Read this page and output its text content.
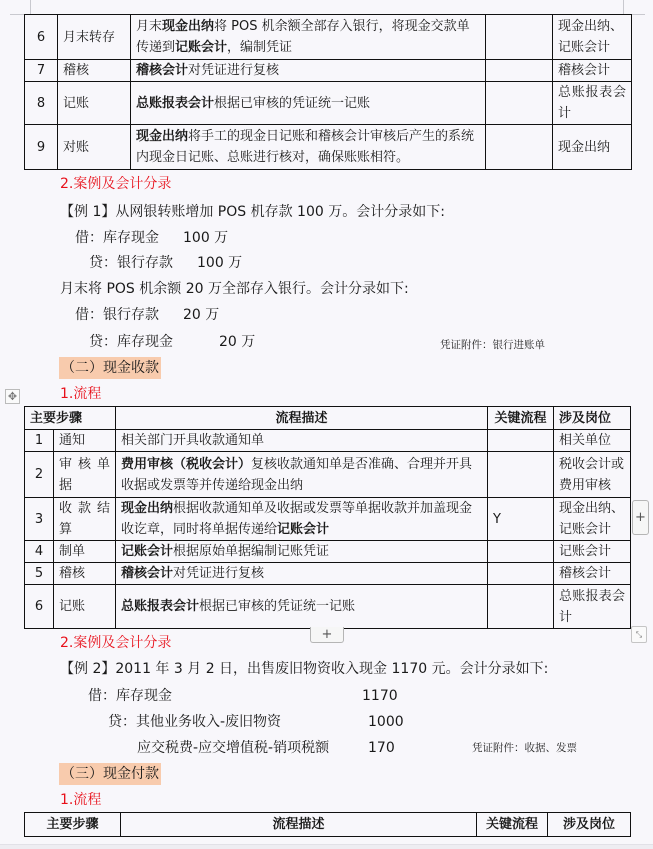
6	月末转存	月末现金出纳将 POS 机余额全部存入银行，将现金交款单传递到记账会计，编制凭证		现金出纳、记账会计
7	稽核	稽核会计对凭证进行复核		稽核会计
8	记账	总账报表会计根据已审核的凭证统一记账		总账报表会计
9	对账	现金出纳将手工的现金日记账和稽核会计审核后产生的系统内现金日记账、总账进行核对，确保账账相符。		现金出纳
2.案例及会计分录
【例 1】从网银转账增加 POS 机存款 100 万。会计分录如下:
借：库存现金 100 万
贷：银行存款 100 万
月末将 POS 机余额 20 万全部存入银行。会计分录如下:
借：银行存款 20 万
贷：库存现金	20 万	凭证附件：银行进账单
（二）现金收款
✥	1.流程
主要步骤		流程描述	关键流程	涉及岗位
1	通知	相关部门开具收款通知单		相关单位
2	审核单据	费用审核（税收会计）复核收款通知单是否准确、合理并开具收据或发票等并传递给现金出纳		税收会计或费用审核
3	收款结算	现金出纳根据收款通知单及收据或发票等单据收款并加盖现金收讫章，同时将单据传递给记账会计	Y	现金出纳、记账会计
4	制单	记账会计根据原始单据编制记账凭证		记账会计
5	稽核	稽核会计对凭证进行复核		稽核会计
6	记账	总账报表会计根据已审核的凭证统一记账		总账报表会计
+
+	⤡
2.案例及会计分录
【例 2】2011 年 3 月 2 日，出售废旧物资收入现金 1170 元。会计分录如下:
借：库存现金	1170
贷：其他业务收入-废旧物资	1000
应交税费-应交增值税-销项税额	170	凭证附件：收据、发票
（三）现金付款
1.流程
主要步骤	流程描述	关键流程	涉及岗位
